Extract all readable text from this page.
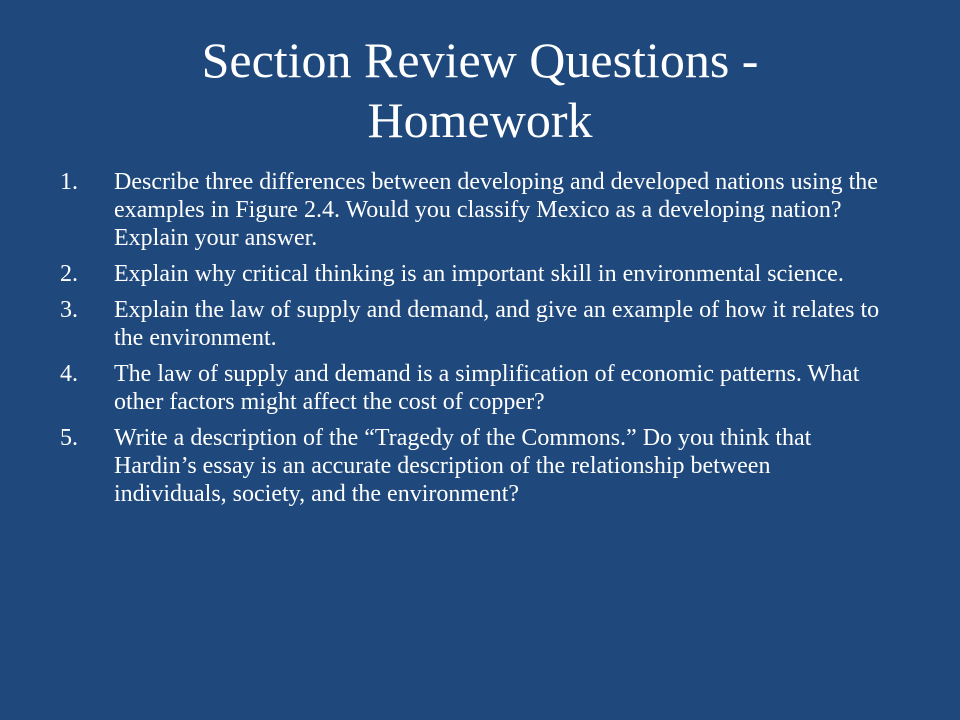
Section Review Questions -
Homework
1.	Describe three differences between developing and developed nations using the examples in Figure 2.4. Would you classify Mexico as a developing nation? Explain your answer.
2.	Explain why critical thinking is an important skill in environmental science.
3.	Explain the law of supply and demand, and give an example of how it relates to the environment.
4.	The law of supply and demand is a simplification of economic patterns. What other factors might affect the cost of copper?
5.	Write a description of the “Tragedy of the Commons.” Do you think that Hardin’s essay is an accurate description of the relationship between individuals, society, and the environment?
